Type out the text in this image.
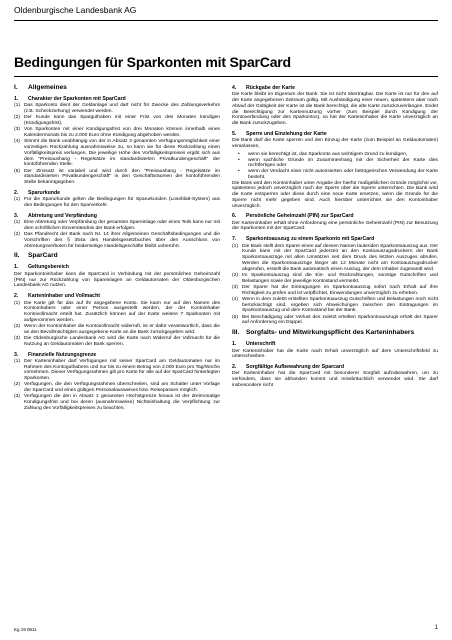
Oldenburgische Landesbank AG
Bedingungen für Sparkonten mit SparCard
I.	Allgemeines
1.	Charakter der Sparkonten mit SparCard
(1) Das Sparkonto dient der Geldanlage und darf nicht für Zwecke des Zahlungsverkehrs (z.B. Scheckziehung) verwendet werden.
(2) Der Kunde kann das Sparguthaben mit einer Frist von drei Monaten kündigen (Kündigungsfrist).
(3) Von Sparkonten mit einer Kündigungsfrist von drei Monaten können innerhalb eines Kalendermonats bis zu 2.000 Euro ohne Kündigung abgehoben werden.
(4) Stimmt die Bank unabhängig von der in Absatz 3 genannten Verfügungsmöglichkeit einer vorzeitigen Rückzahlung ausnahmsweise zu, so kann sie für diese Rückzahlung einen Vorfälligkeitspreis verlangen. Die jeweilige Höhe des Vorfälligkeitspreises ergibt sich aus dem "Preisaushang - Regelsätze im standardisierten Privatkundengeschäft" der kontoführenden Stelle.
(5) Der Zinssatz ist variabel und wird durch den "Preisaushang - Regelsätze im standardisierten Privatkundengeschäft" in den Geschäftsräumen der kontoführenden Stelle bekanntgegeben.
2.	Sparurkunde
(1) Für die Sparurkunde gelten die Bedingungen für Sparurkunden (Loseblatt-System) aus den Bedingungen für den Sparverkehr.
3.	Abtretung und Verpfändung
(1) Eine Abtretung oder Verpfändung der gesamten Spareinlage oder eines Teils kann nur mit dem schriftlichen Einverständnis der Bank erfolgen.
(2) Das Pfandrecht der Bank nach Nr. 14 ihrer Allgemeinen Geschäftsbedingungen und die Vorschriften des § 354a des Handelsgesetzbuches über den Ausschluss von Abtretungsverboten für beiderseitige Handelsgeschäfte bleibt unberührt.
II.	SparCard
1.	Geltungsbereich
Der Sparkontoinhaber kann die SparCard in Verbindung mit der persönlichen Geheimzahl (PIN) nur zur Rückzahlung von Spareinlagen an Geldautomaten der Oldenburgischen Landesbank AG nutzen.
2.	Karteninhaber und Vollmacht
(1) Die Karte gilt für das auf ihr angegebene Konto. Sie kann nur auf den Namen des Kontoinhabers oder einer Person ausgestellt werden, der der Kontoinhaber Kontovollmacht erteilt hat. Zusätzlich können auf der Karte weitere 7 Sparkonten mit aufgenommen werden.
(2) Wenn der Kontoinhaber die Kontovollmacht widerruft, ist er dafür verantwortlich, dass die an den Bevollmächtigten ausgegebene Karte an die Bank zurückgegeben wird.
(3) Die Oldenburgische Landesbank AG wird die Karte nach Widerruf der Vollmacht für die Nutzung an Geldautomaten der Bank sperren.
3.	Finanzielle Nutzungsgrenze
(1) Der Karteninhaber darf Verfügungen mit seiner SparCard am Geldautomaten nur im Rahmen des Kontoguthabens und nur bis zu einem Betrag von 2.000 Euro pro Tag/Woche vornehmen. Dieser Verfügungsrahmen gilt pro Karte für alle auf der SparCard hinterlegten Sparkonten.
(2) Verfügungen, die den Verfügungsrahmen überschreiten, sind am Schalter unter Vorlage der SparCard und eines gültigen Personalausweises bzw. Reisepasses möglich.
(3) Verfügungen die den in Absatz 1 genannten Höchstgrenze hinaus ist der dreimonatige Kündigungsfrist und bei deren (ausnahmsweise) Nichteinhaltung die Verpflichtung zur Zahlung des Vorfälligkeitspreises zu beachten.
4.	Rückgabe der Karte
Die Karte bleibt im Eigentum der Bank. Sie ist nicht übertragbar. Die Karte ist nur für den auf der Karte angegebenen Zeitraum gültig. Mit Aushändigung einer neuen, spätestens aber nach Ablauf der Gültigkeit der Karte ist die Bank berechtigt, die alte Karte zurückzuverlangen. Endet die Berechtigung zur Kartennutzung vorher (zum Beispiel durch Kündigung der Kontoverbindung oder des Sparkontos), so hat der Karteninhaber die Karte unverzüglich an die Bank zurückzugeben.
5.	Sperre und Einziehung der Karte
Die Bank darf die Karte sperren und den Einzug der Karte (zum Beispiel an Geldautomaten) veranlassen,
•	wenn sie berechtigt ist, das Sparkonto aus wichtigem Grund zu kündigen,
•	wenn sachliche Gründe im Zusammenhang mit der Sicherheit der Karte dies rechtfertigen oder
•	wenn der Verdacht einer nicht autorisierten oder betrügerischen Verwendung der Karte besteht.
Die Bank wird den Kontoinhaber unter Angabe der hierfür maßgeblichen Gründe möglichst vor, spätestens jedoch unverzüglich nach der Sperre über die Sperre unterrichten. Die Bank wird die Karte entsperren oder diese durch eine neue Karte ersetzen, wenn die Gründe für die Sperre nicht mehr gegeben sind. Auch hierüber unterrichtet sie den Kontoinhaber unverzüglich.
6.	Persönliche Geheimzahl (PIN) zur SparCard
Der Karteninhaber erhält ohne Anforderung eine persönliche Geheimzahl (PIN) zur Benutzung der Sparkonten mit der SparCard.
7.	Sparkontoauszug zu einem Sparkonto mit SparCard
(1) Die Bank stellt dem Sparer einen auf dessen Namen lautenden Sparkontoauszug aus. Der Kunde kann mit der SparCard jederzeit an den Kontoauszugsdruckern der Bank Sparkontoauszüge mit allen Umsätzen seit dem Druck des letzten Auszuges abrufen. Werden die Sparkontoauszüge länger als 12 Monate nicht am Kontoauszugsdrucker abgerufen, erstellt die Bank automatisch einen Auszug, der dem Inhaber zugesandt wird.
(2) Im Sparkontoauszug sind die Ein- und Rückzahlungen, sonstige Gutschriften und Belastungen sowie der jeweilige Kontostand vermerkt.
(3) Der Sparer hat die Eintragungen im Sparkontoauszug sofort nach Erhalt auf ihre Richtigkeit zu prüfen und ist verpflichtet, Einwendungen unverzüglich zu erheben.
(4) Wenn in dem zuletzt erstellten Sparkontoauszug Gutschriften und Belastungen noch nicht berücksichtigt sind, ergeben sich Abweichungen zwischen den Eintragungen im Sparkontoauszug und dem Kontostand bei der Bank.
(5) Bei Beschädigung oder Verlust des zuletzt erteilten Sparkontoauszugs erhält der Sparer auf Anforderung ein Doppel.
III.	Sorgfalts- und Mitwirkungspflicht des Karteninhabers
1.	Unterschrift
Der Karteninhaber hat die Karte nach Erhalt unverzüglich auf dem Unterschriftsfeld zu unterschreiben.
2.	Sorgfältige Aufbewahrung der Sparcard
Der Karteninhaber hat die SparCard mit besonderer Sorgfalt aufzubewahren, um zu verhindern, dass sie abhanden kommt und missbräuchlich verwendet wird. Sie darf insbesondere nicht
Kg 19 0611	1
